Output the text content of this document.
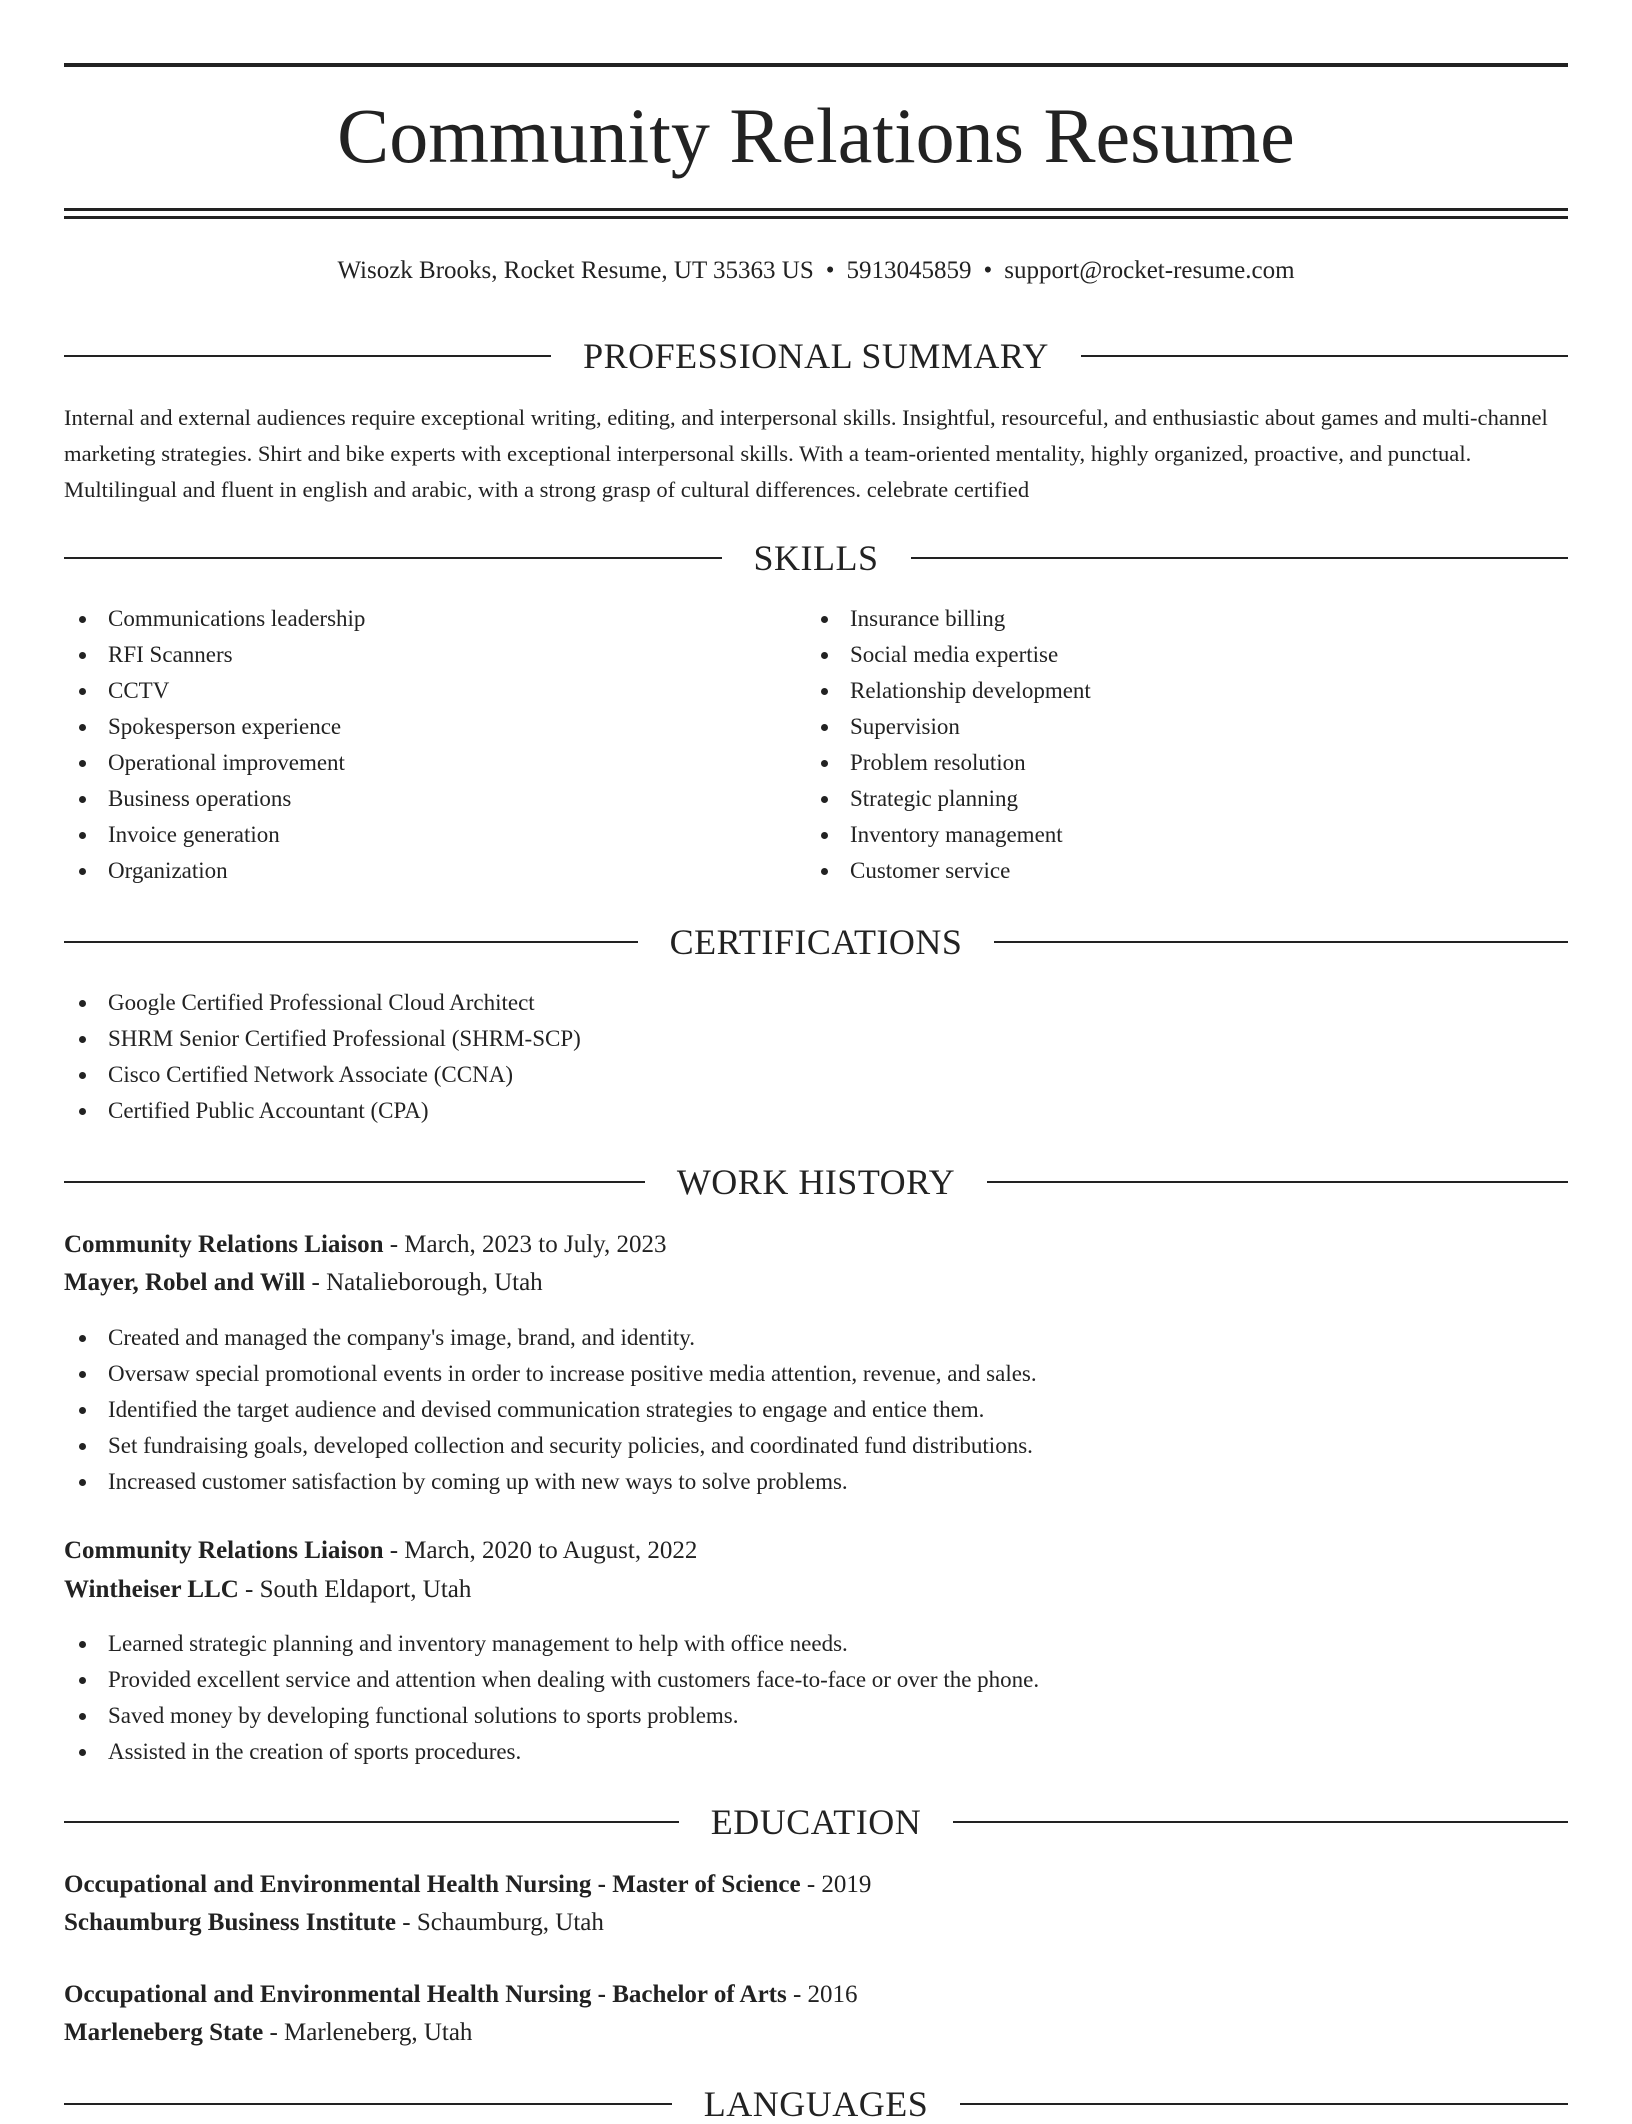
Community Relations Resume
Wisozk Brooks, Rocket Resume, UT 35363 US • 5913045859 • support@rocket-resume.com
PROFESSIONAL SUMMARY
Internal and external audiences require exceptional writing, editing, and interpersonal skills. Insightful, resourceful, and enthusiastic about games and multi-channel marketing strategies. Shirt and bike experts with exceptional interpersonal skills. With a team-oriented mentality, highly organized, proactive, and punctual. Multilingual and fluent in english and arabic, with a strong grasp of cultural differences. celebrate certified
SKILLS
Communications leadership
RFI Scanners
CCTV
Spokesperson experience
Operational improvement
Business operations
Invoice generation
Organization
Insurance billing
Social media expertise
Relationship development
Supervision
Problem resolution
Strategic planning
Inventory management
Customer service
CERTIFICATIONS
Google Certified Professional Cloud Architect
SHRM Senior Certified Professional (SHRM-SCP)
Cisco Certified Network Associate (CCNA)
Certified Public Accountant (CPA)
WORK HISTORY
Community Relations Liaison - March, 2023 to July, 2023
Mayer, Robel and Will - Natalieborough, Utah
Created and managed the company's image, brand, and identity.
Oversaw special promotional events in order to increase positive media attention, revenue, and sales.
Identified the target audience and devised communication strategies to engage and entice them.
Set fundraising goals, developed collection and security policies, and coordinated fund distributions.
Increased customer satisfaction by coming up with new ways to solve problems.
Community Relations Liaison - March, 2020 to August, 2022
Wintheiser LLC - South Eldaport, Utah
Learned strategic planning and inventory management to help with office needs.
Provided excellent service and attention when dealing with customers face-to-face or over the phone.
Saved money by developing functional solutions to sports problems.
Assisted in the creation of sports procedures.
EDUCATION
Occupational and Environmental Health Nursing - Master of Science - 2019
Schaumburg Business Institute - Schaumburg, Utah
Occupational and Environmental Health Nursing - Bachelor of Arts - 2016
Marleneberg State - Marleneberg, Utah
LANGUAGES
